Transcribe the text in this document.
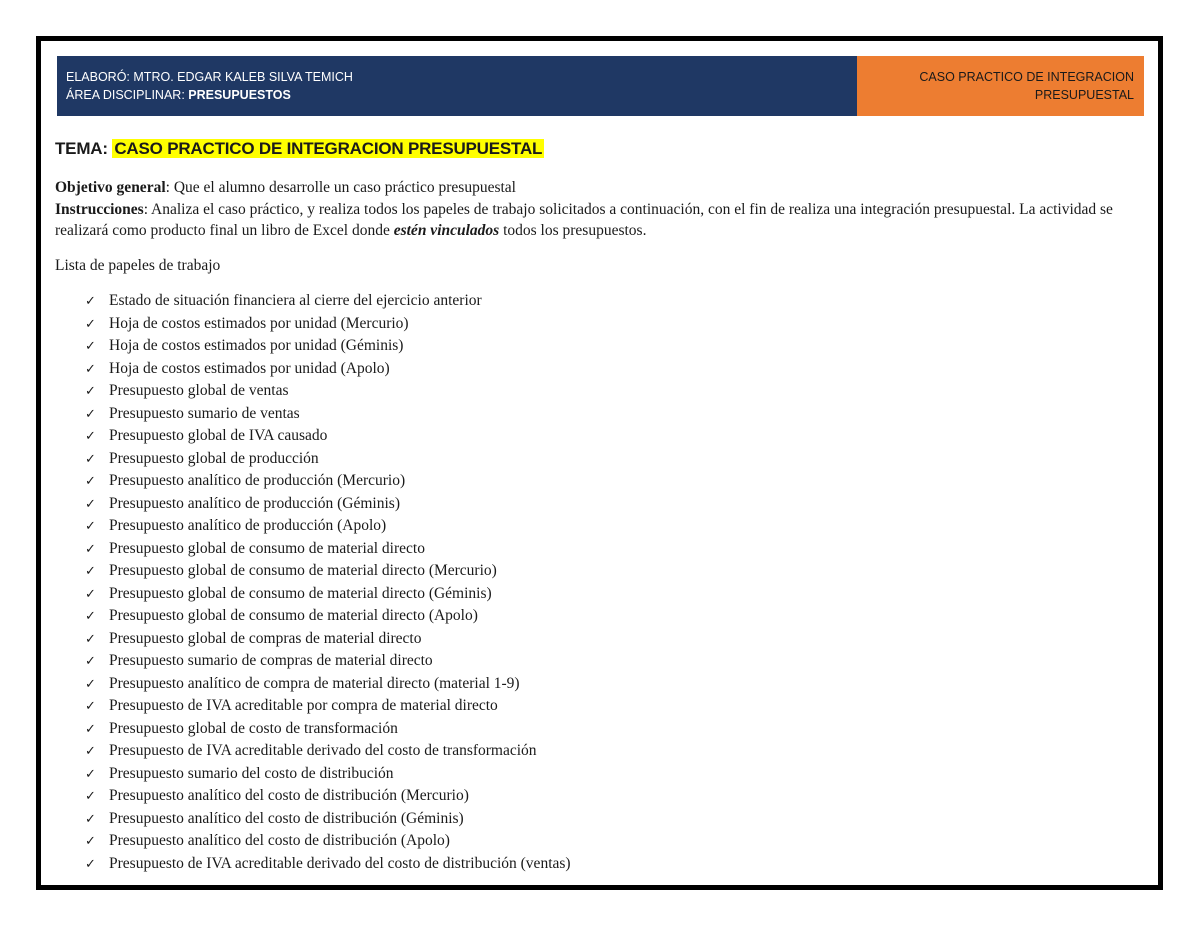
ELABORÓ: MTRO. EDGAR KALEB SILVA TEMICH
ÁREA DISCIPLINAR: PRESUPUESTOS
CASO PRACTICO DE INTEGRACION
PRESUPUESTAL
TEMA: CASO PRACTICO DE INTEGRACION PRESUPUESTAL

Objetivo general: Que el alumno desarrolle un caso práctico presupuestal

Instrucciones: Analiza el caso práctico, y realiza todos los papeles de trabajo solicitados a continuación, con el fin de realiza una integración presupuestal. La actividad se realizará como producto final un libro de Excel donde estén vinculados todos los presupuestos.

Lista de papeles de trabajo
✓ Estado de situación financiera al cierre del ejercicio anterior
✓ Hoja de costos estimados por unidad (Mercurio)
✓ Hoja de costos estimados por unidad (Géminis)
✓ Hoja de costos estimados por unidad (Apolo)
✓ Presupuesto global de ventas
✓ Presupuesto sumario de ventas
✓ Presupuesto global de IVA causado
✓ Presupuesto global de producción
✓ Presupuesto analítico de producción (Mercurio)
✓ Presupuesto analítico de producción (Géminis)
✓ Presupuesto analítico de producción (Apolo)
✓ Presupuesto global de consumo de material directo
✓ Presupuesto global de consumo de material directo (Mercurio)
✓ Presupuesto global de consumo de material directo (Géminis)
✓ Presupuesto global de consumo de material directo (Apolo)
✓ Presupuesto global de compras de material directo
✓ Presupuesto sumario de compras de material directo
✓ Presupuesto analítico de compra de material directo (material 1-9)
✓ Presupuesto de IVA acreditable por compra de material directo
✓ Presupuesto global de costo de transformación
✓ Presupuesto de IVA acreditable derivado del costo de transformación
✓ Presupuesto sumario del costo de distribución
✓ Presupuesto analítico del costo de distribución (Mercurio)
✓ Presupuesto analítico del costo de distribución (Géminis)
✓ Presupuesto analítico del costo de distribución (Apolo)
✓ Presupuesto de IVA acreditable derivado del costo de distribución (ventas)
